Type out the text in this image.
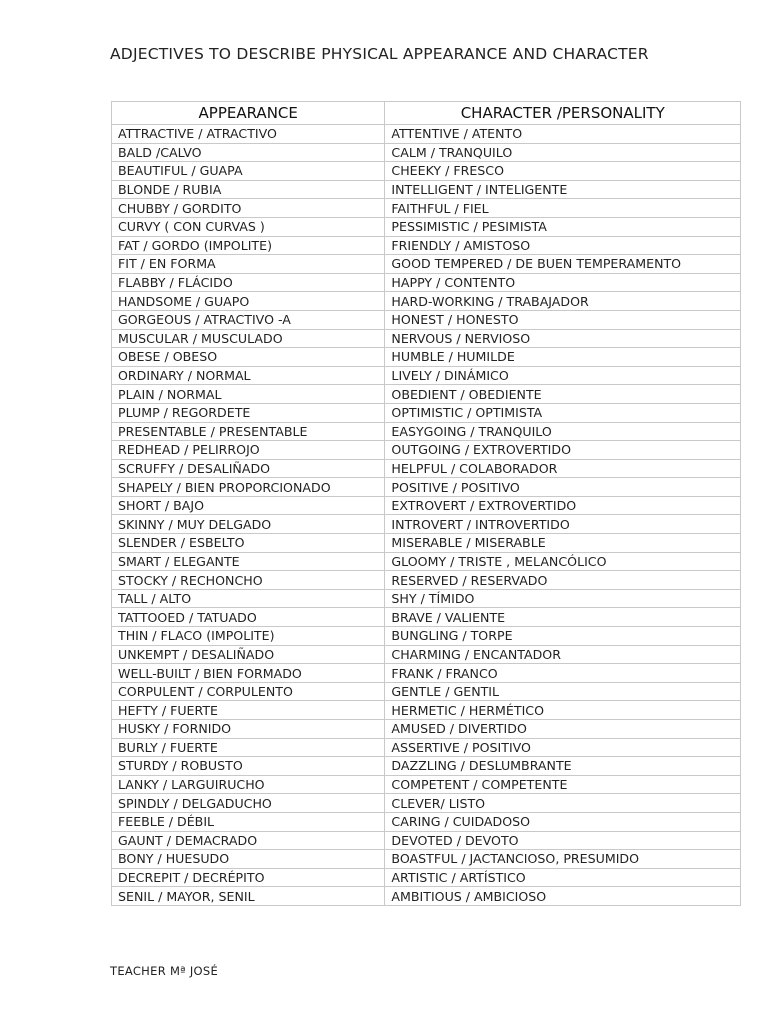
ADJECTIVES TO DESCRIBE PHYSICAL APPEARANCE AND CHARACTER
APPEARANCE	CHARACTER /PERSONALITY
ATTRACTIVE / ATRACTIVO	ATTENTIVE / ATENTO
BALD /CALVO	CALM / TRANQUILO
BEAUTIFUL / GUAPA	CHEEKY / FRESCO
BLONDE / RUBIA	INTELLIGENT / INTELIGENTE
CHUBBY / GORDITO	FAITHFUL / FIEL
CURVY ( CON CURVAS )	PESSIMISTIC / PESIMISTA
FAT / GORDO (IMPOLITE)	FRIENDLY / AMISTOSO
FIT / EN FORMA	GOOD TEMPERED / DE BUEN TEMPERAMENTO
FLABBY / FLÁCIDO	HAPPY / CONTENTO
HANDSOME / GUAPO	HARD-WORKING / TRABAJADOR
GORGEOUS / ATRACTIVO -A	HONEST / HONESTO
MUSCULAR / MUSCULADO	NERVOUS / NERVIOSO
OBESE / OBESO	HUMBLE / HUMILDE
ORDINARY / NORMAL	LIVELY / DINÁMICO
PLAIN / NORMAL	OBEDIENT / OBEDIENTE
PLUMP / REGORDETE	OPTIMISTIC / OPTIMISTA
PRESENTABLE / PRESENTABLE	EASYGOING / TRANQUILO
REDHEAD / PELIRROJO	OUTGOING / EXTROVERTIDO
SCRUFFY / DESALIÑADO	HELPFUL / COLABORADOR
SHAPELY / BIEN PROPORCIONADO	POSITIVE / POSITIVO
SHORT / BAJO	EXTROVERT / EXTROVERTIDO
SKINNY / MUY DELGADO	INTROVERT / INTROVERTIDO
SLENDER / ESBELTO	MISERABLE / MISERABLE
SMART / ELEGANTE	GLOOMY / TRISTE , MELANCÓLICO
STOCKY / RECHONCHO	RESERVED / RESERVADO
TALL / ALTO	SHY / TÍMIDO
TATTOOED / TATUADO	BRAVE / VALIENTE
THIN / FLACO (IMPOLITE)	BUNGLING / TORPE
UNKEMPT / DESALIÑADO	CHARMING / ENCANTADOR
WELL-BUILT / BIEN FORMADO	FRANK / FRANCO
CORPULENT / CORPULENTO	GENTLE / GENTIL
HEFTY / FUERTE	HERMETIC / HERMÉTICO
HUSKY / FORNIDO	AMUSED / DIVERTIDO
BURLY / FUERTE	ASSERTIVE / POSITIVO
STURDY / ROBUSTO	DAZZLING / DESLUMBRANTE
LANKY / LARGUIRUCHO	COMPETENT / COMPETENTE
SPINDLY / DELGADUCHO	CLEVER/ LISTO
FEEBLE / DÉBIL	CARING / CUIDADOSO
GAUNT / DEMACRADO	DEVOTED / DEVOTO
BONY / HUESUDO	BOASTFUL / JACTANCIOSO, PRESUMIDO
DECREPIT / DECRÉPITO	ARTISTIC / ARTÍSTICO
SENIL / MAYOR, SENIL	AMBITIOUS / AMBICIOSO
TEACHER Mª JOSÉ
